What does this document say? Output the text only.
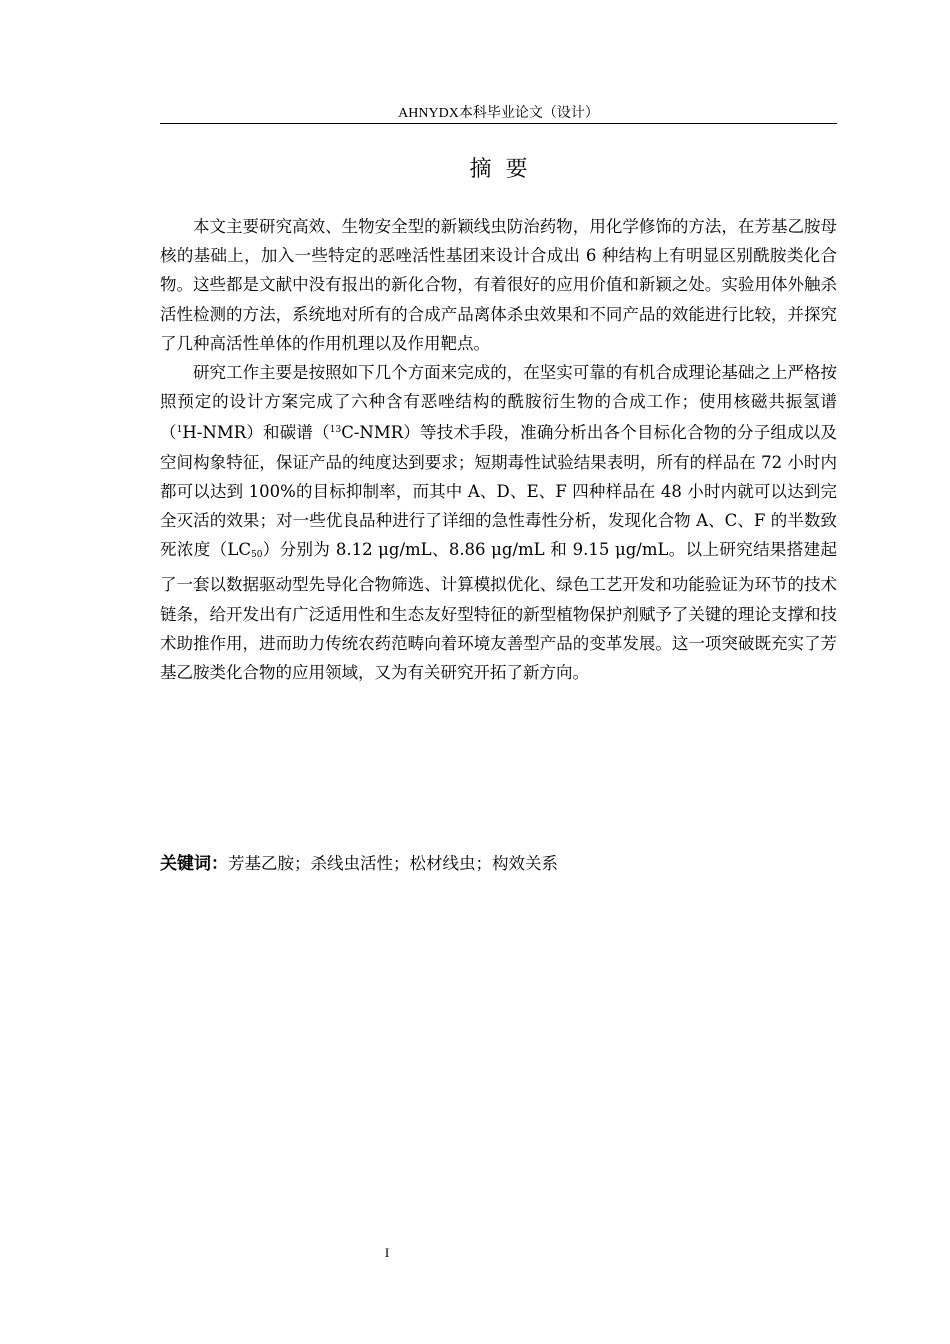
AHNYDX本科毕业论文（设计）
摘要

本文主要研究高效、生物安全型的新颖线虫防治药物，用化学修饰的方法，在芳基乙胺母核的基础上，加入一些特定的恶唑活性基团来设计合成出 6 种结构上有明显区别酰胺类化合物。这些都是文献中没有报出的新化合物，有着很好的应用价值和新颖之处。实验用体外触杀活性检测的方法，系统地对所有的合成产品离体杀虫效果和不同产品的效能进行比较，并探究了几种高活性单体的作用机理以及作用靶点。

研究工作主要是按照如下几个方面来完成的，在坚实可靠的有机合成理论基础之上严格按照预定的设计方案完成了六种含有恶唑结构的酰胺衍生物的合成工作；使用核磁共振氢谱（$^1$H-NMR）和碳谱（$^{13}$C-NMR）等技术手段，准确分析出各个目标化合物的分子组成以及空间构象特征，保证产品的纯度达到要求；短期毒性试验结果表明，所有的样品在 72 小时内都可以达到 100%的目标抑制率，而其中 A、D、E、F 四种样品在 48 小时内就可以达到完全灭活的效果；对一些优良品种进行了详细的急性毒性分析，发现化合物 A、C、F 的半数致死浓度$(LC_{50})$分别为 8.12 μg/mL、8.86 μg/mL 和 9.15 μg/mL。以上研究结果搭建起了一套以数据驱动型先导化合物筛选、计算模拟优化、绿色工艺开发和功能验证为环节的技术链条，给开发出有广泛适用性和生态友好型特征的新型植物保护剂赋予了关键的理论支撑和技术助推作用，进而助力传统农药范畴向着环境友善型产品的变革发展。这一项突破既充实了芳基乙胺类化合物的应用领域，又为有关研究开拓了新方向。

关键词：芳基乙胺；杀线虫活性；松材线虫；构效关系
I
